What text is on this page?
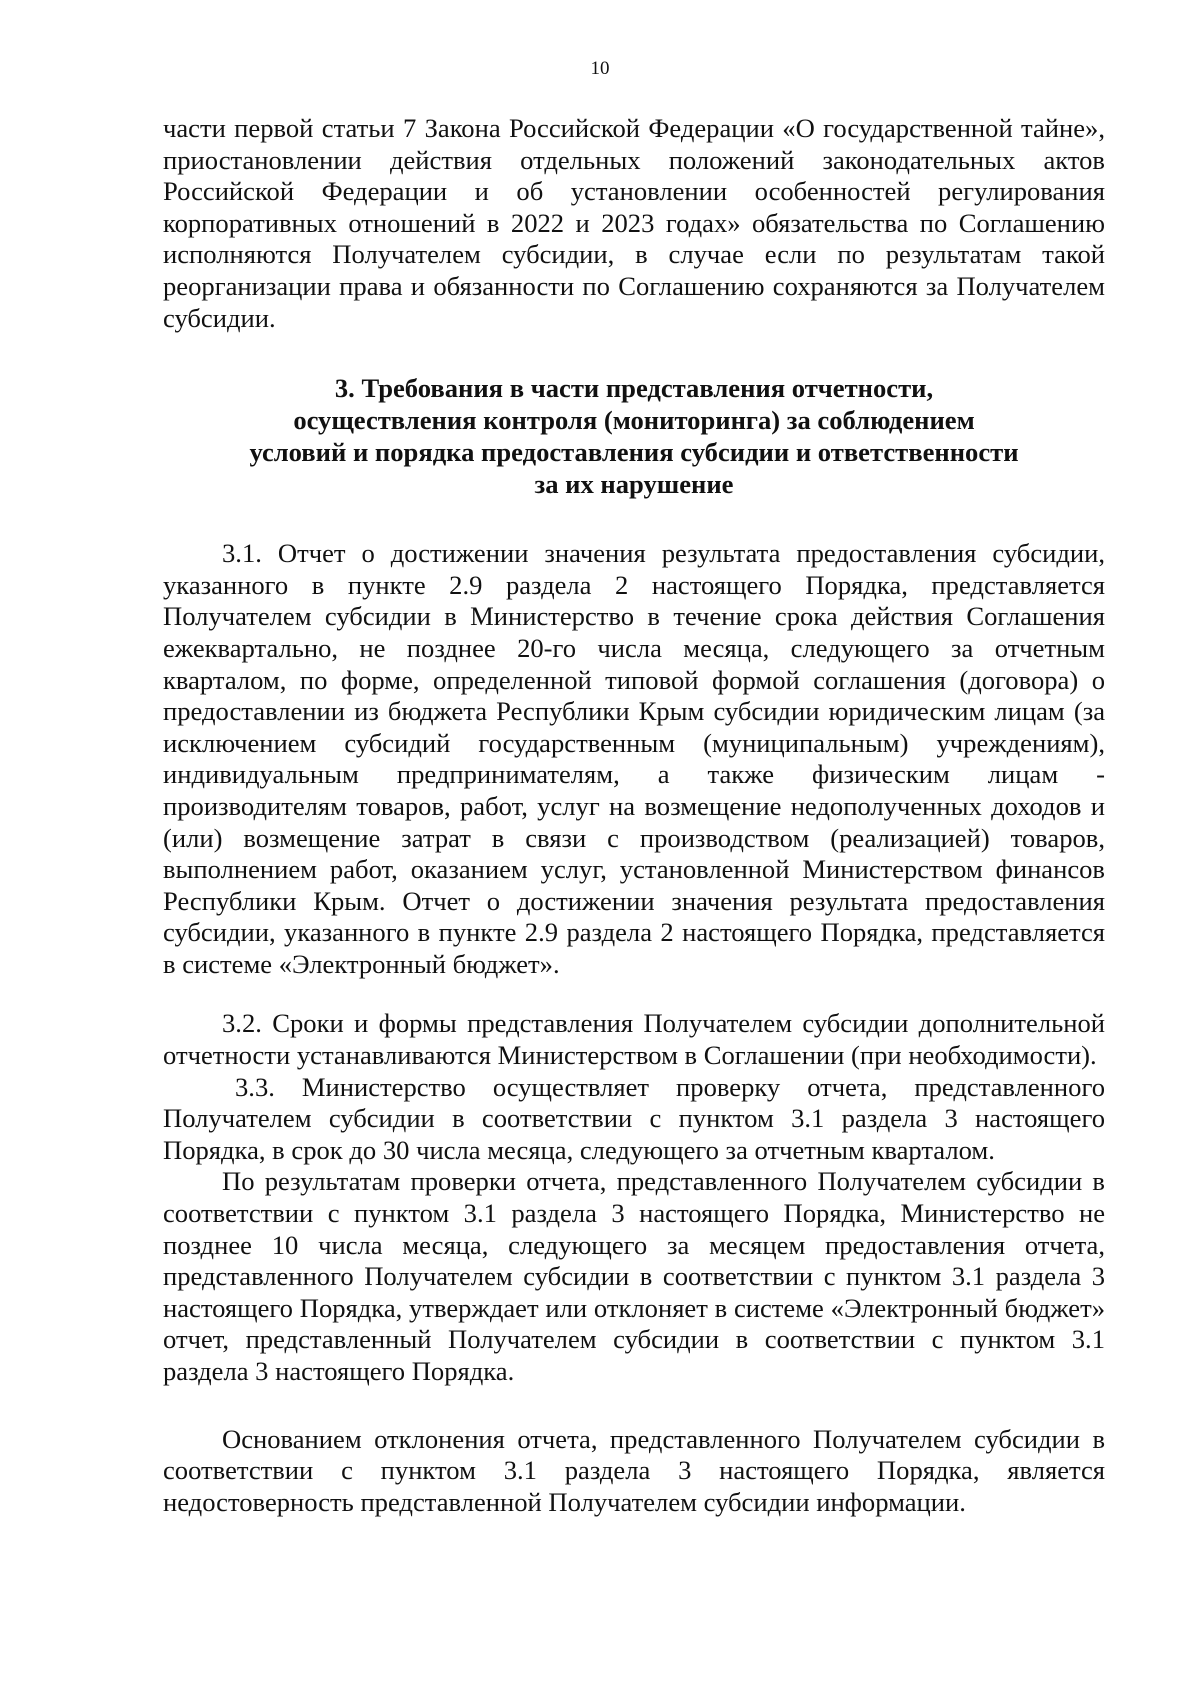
10

части первой статьи 7 Закона Российской Федерации «О государственной тайне», приостановлении действия отдельных положений законодательных актов Российской Федерации и об установлении особенностей регулирования корпоративных отношений в 2022 и 2023 годах» обязательства по Соглашению исполняются Получателем субсидии, в случае если по результатам такой реорганизации права и обязанности по Соглашению сохраняются за Получателем субсидии.

3. Требования в части представления отчетности,
осуществления контроля (мониторинга) за соблюдением
условий и порядка предоставления субсидии и ответственности
за их нарушение

3.1. Отчет о достижении значения результата предоставления субсидии, указанного в пункте 2.9 раздела 2 настоящего Порядка, представляется Получателем субсидии в Министерство в течение срока действия Соглашения ежеквартально, не позднее 20-го числа месяца, следующего за отчетным кварталом, по форме, определенной типовой формой соглашения (договора) о предоставлении из бюджета Республики Крым субсидии юридическим лицам (за исключением субсидий государственным (муниципальным) учреждениям), индивидуальным предпринимателям, а также физическим лицам - производителям товаров, работ, услуг на возмещение недополученных доходов и (или) возмещение затрат в связи с производством (реализацией) товаров, выполнением работ, оказанием услуг, установленной Министерством финансов Республики Крым. Отчет о достижении значения результата предоставления субсидии, указанного в пункте 2.9 раздела 2 настоящего Порядка, представляется в системе «Электронный бюджет».

3.2. Сроки и формы представления Получателем субсидии дополнительной отчетности устанавливаются Министерством в Соглашении (при необходимости).

3.3. Министерство осуществляет проверку отчета, представленного Получателем субсидии в соответствии с пунктом 3.1 раздела 3 настоящего Порядка, в срок до 30 числа месяца, следующего за отчетным кварталом.

По результатам проверки отчета, представленного Получателем субсидии в соответствии с пунктом 3.1 раздела 3 настоящего Порядка, Министерство не позднее 10 числа месяца, следующего за месяцем предоставления отчета, представленного Получателем субсидии в соответствии с пунктом 3.1 раздела 3 настоящего Порядка, утверждает или отклоняет в системе «Электронный бюджет» отчет, представленный Получателем субсидии в соответствии с пунктом 3.1 раздела 3 настоящего Порядка.

Основанием отклонения отчета, представленного Получателем субсидии в соответствии с пунктом 3.1 раздела 3 настоящего Порядка, является недостоверность представленной Получателем субсидии информации.
